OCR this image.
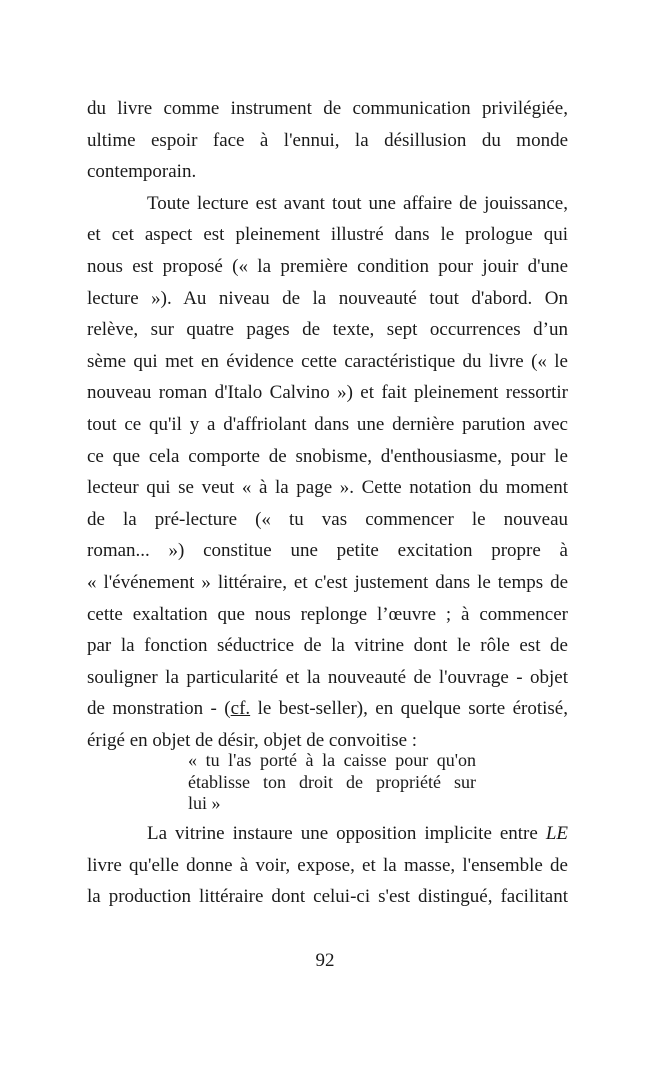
du livre comme instrument de communication privilégiée,
ultime espoir face à l'ennui, la désillusion du monde
contemporain.
Toute lecture est avant tout une affaire de jouissance,
et cet aspect est pleinement illustré dans le prologue qui
nous est proposé (« la première condition pour jouir d'une
lecture »). Au niveau de la nouveauté tout d'abord. On
relève, sur quatre pages de texte, sept occurrences d’un
sème qui met en évidence cette caractéristique du livre (« le
nouveau roman d'Italo Calvino ») et fait pleinement ressortir
tout ce qu'il y a d'affriolant dans une dernière parution avec
ce que cela comporte de snobisme, d'enthousiasme, pour le
lecteur qui se veut « à la page ». Cette notation du moment
de la pré-lecture (« tu vas commencer le nouveau
roman... ») constitue une petite excitation propre à
« l'événement » littéraire, et c'est justement dans le temps de
cette exaltation que nous replonge l’œuvre ; à commencer
par la fonction séductrice de la vitrine dont le rôle est de
souligner la particularité et la nouveauté de l'ouvrage - objet
de monstration - (cf. le best-seller), en quelque sorte érotisé,
érigé en objet de désir, objet de convoitise :
« tu l'as porté à la caisse pour qu'on
établisse ton droit de propriété sur
lui »
La vitrine instaure une opposition implicite entre LE
livre qu'elle donne à voir, expose, et la masse, l'ensemble de
la production littéraire dont celui-ci s'est distingué, facilitant
92
